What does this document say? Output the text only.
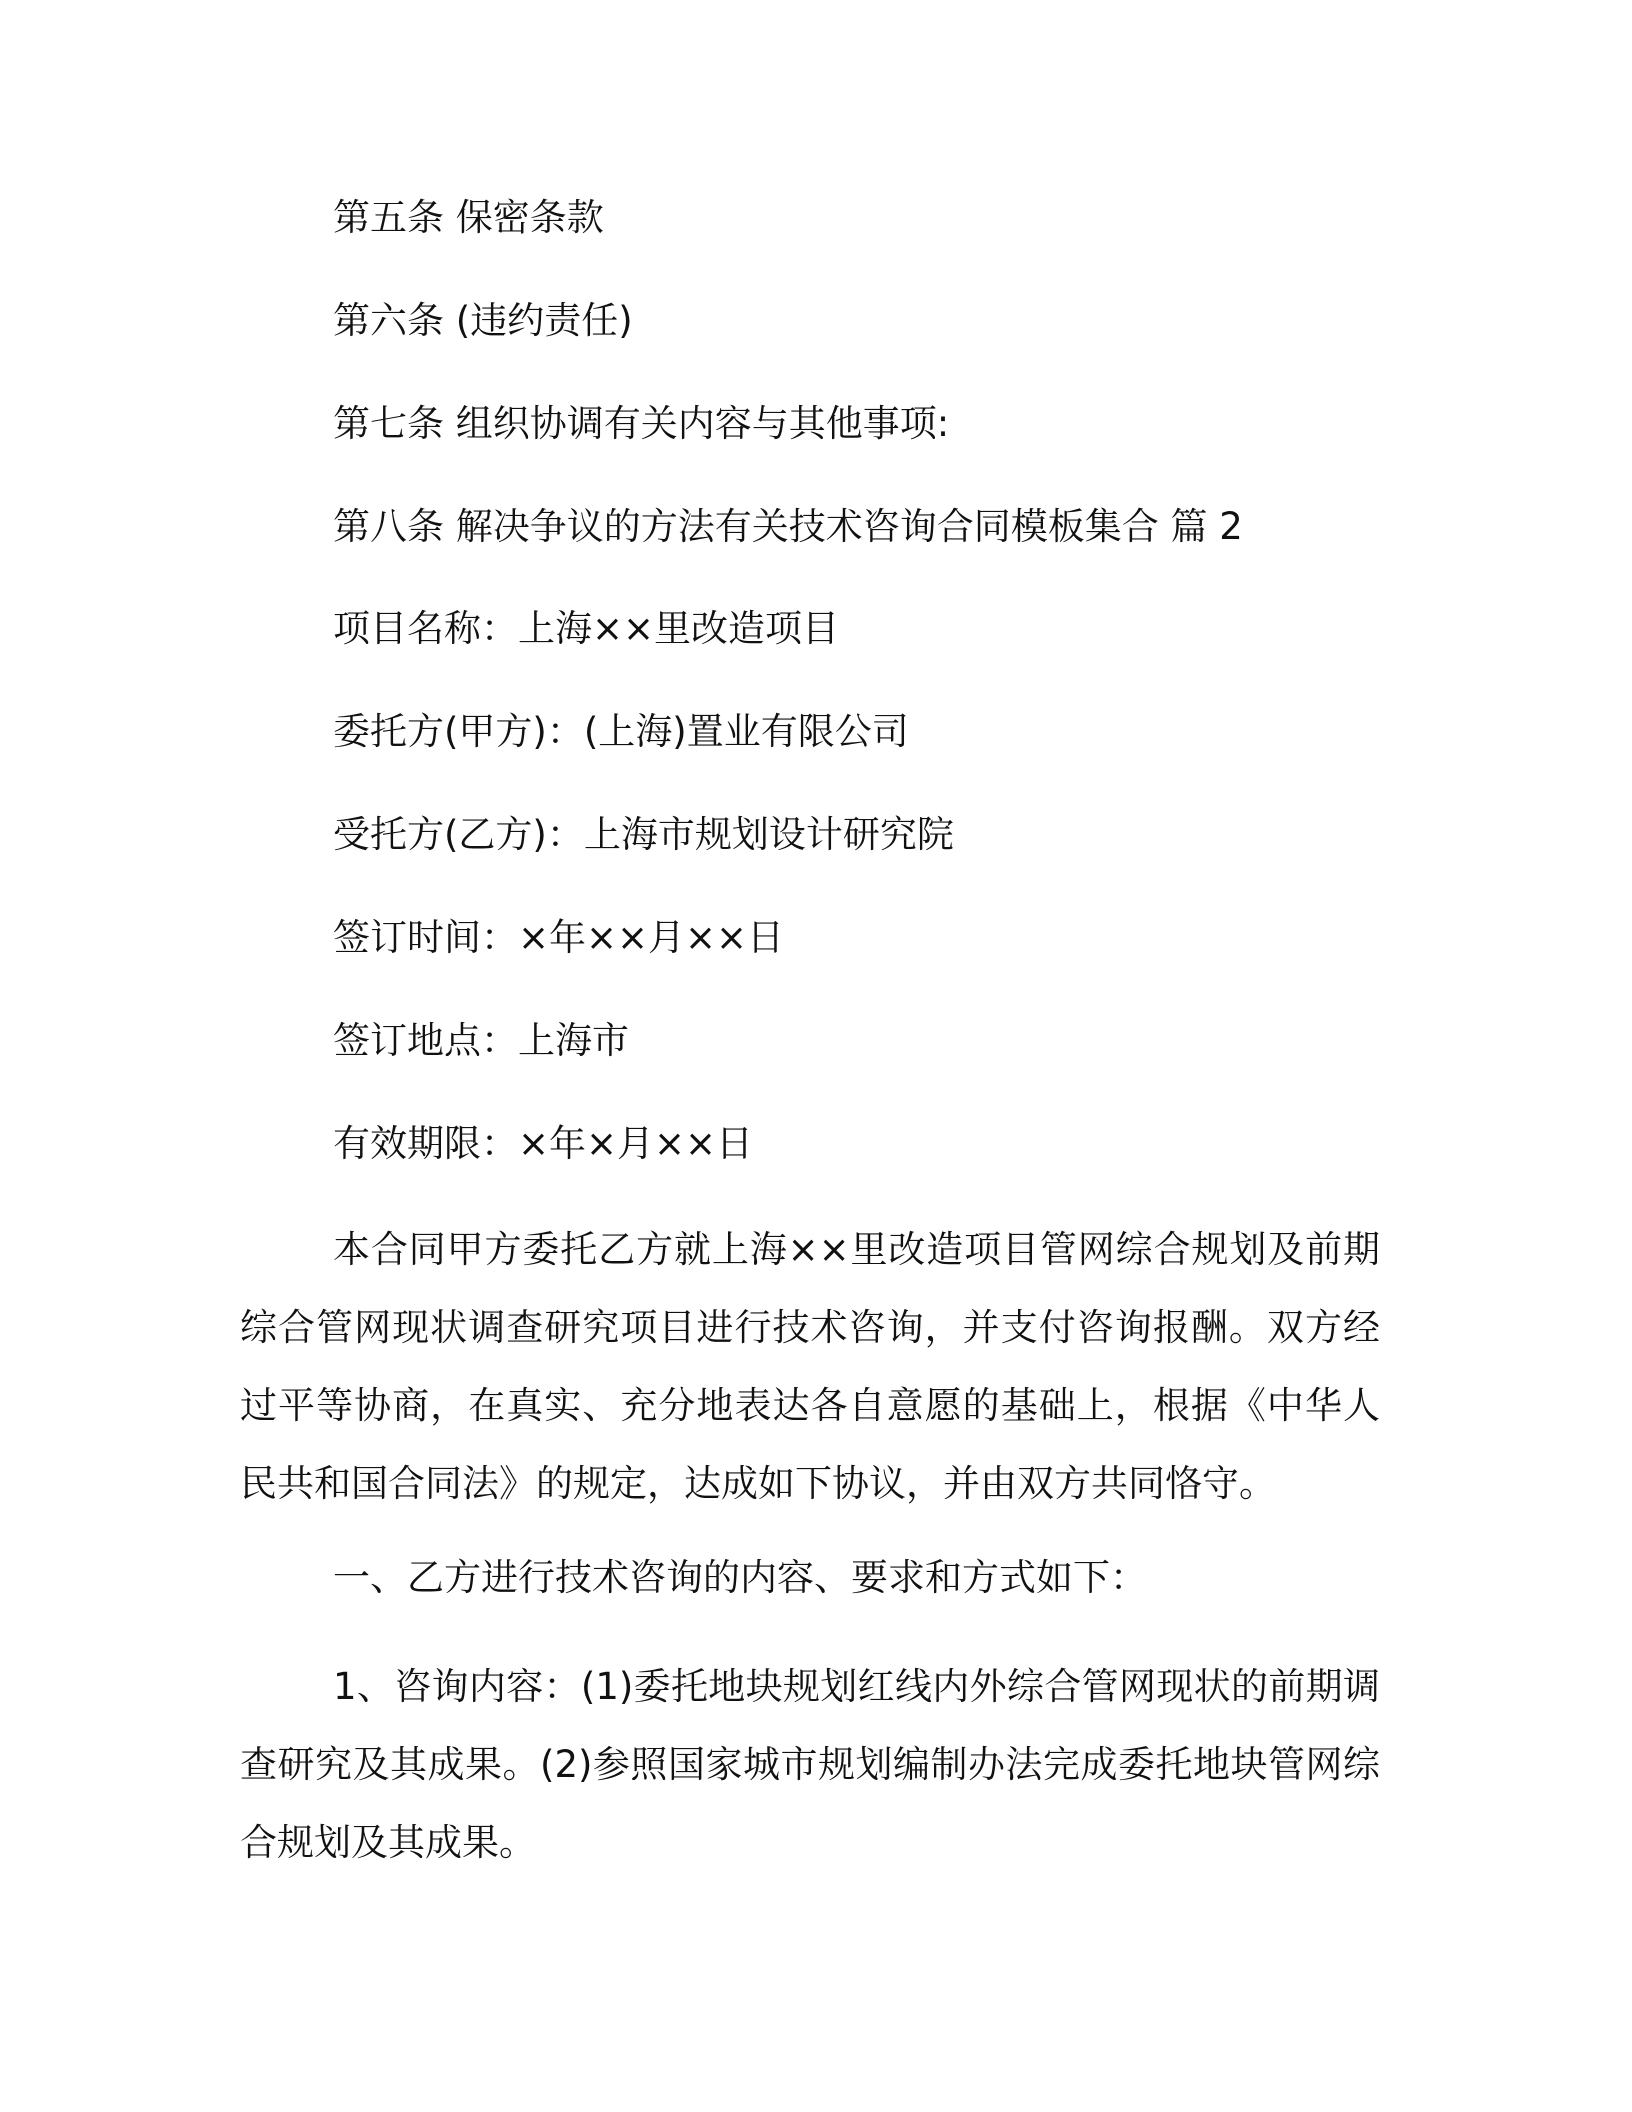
第五条 保密条款
第六条 (违约责任)
第七条 组织协调有关内容与其他事项:
第八条 解决争议的方法有关技术咨询合同模板集合 篇 2
项目名称：上海××里改造项目
委托方(甲方)：(上海)置业有限公司
受托方(乙方)：上海市规划设计研究院
签订时间：×年××月××日
签订地点：上海市
有效期限：×年×月××日

本合同甲方委托乙方就上海××里改造项目管网综合规划及前期综合管网现状调查研究项目进行技术咨询，并支付咨询报酬。双方经过平等协商，在真实、充分地表达各自意愿的基础上，根据《中华人民共和国合同法》的规定，达成如下协议，并由双方共同恪守。

一、乙方进行技术咨询的内容、要求和方式如下：

1、咨询内容：(1)委托地块规划红线内外综合管网现状的前期调查研究及其成果。(2)参照国家城市规划编制办法完成委托地块管网综合规划及其成果。
